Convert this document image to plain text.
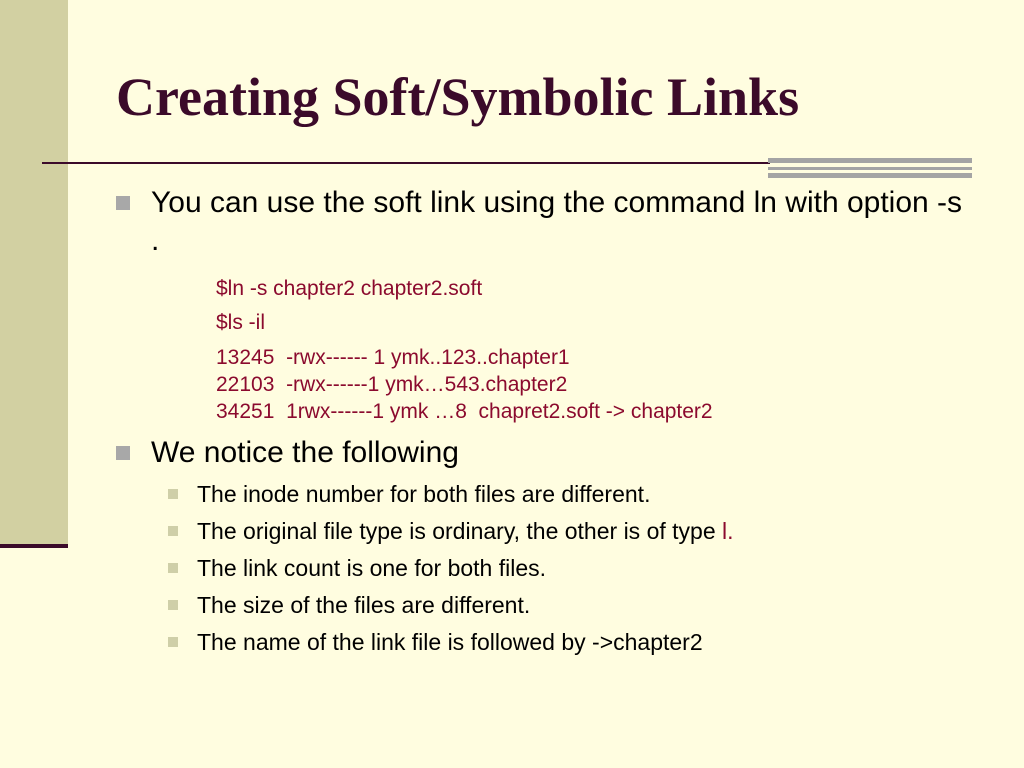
Creating Soft/Symbolic Links
You can use the soft link using the command ln with option -s .
$ln -s chapter2 chapter2.soft
$ls -il
13245  -rwx------ 1 ymk..123..chapter1
22103  -rwx------1 ymk…543.chapter2
34251  1rwx------1 ymk …8  chapret2.soft -> chapter2
We notice the following
The inode number for both files are different.
The original file type is ordinary, the other is of type l.
The link count is one for both files.
The size of the files are different.
The name of the link file is followed by ->chapter2
